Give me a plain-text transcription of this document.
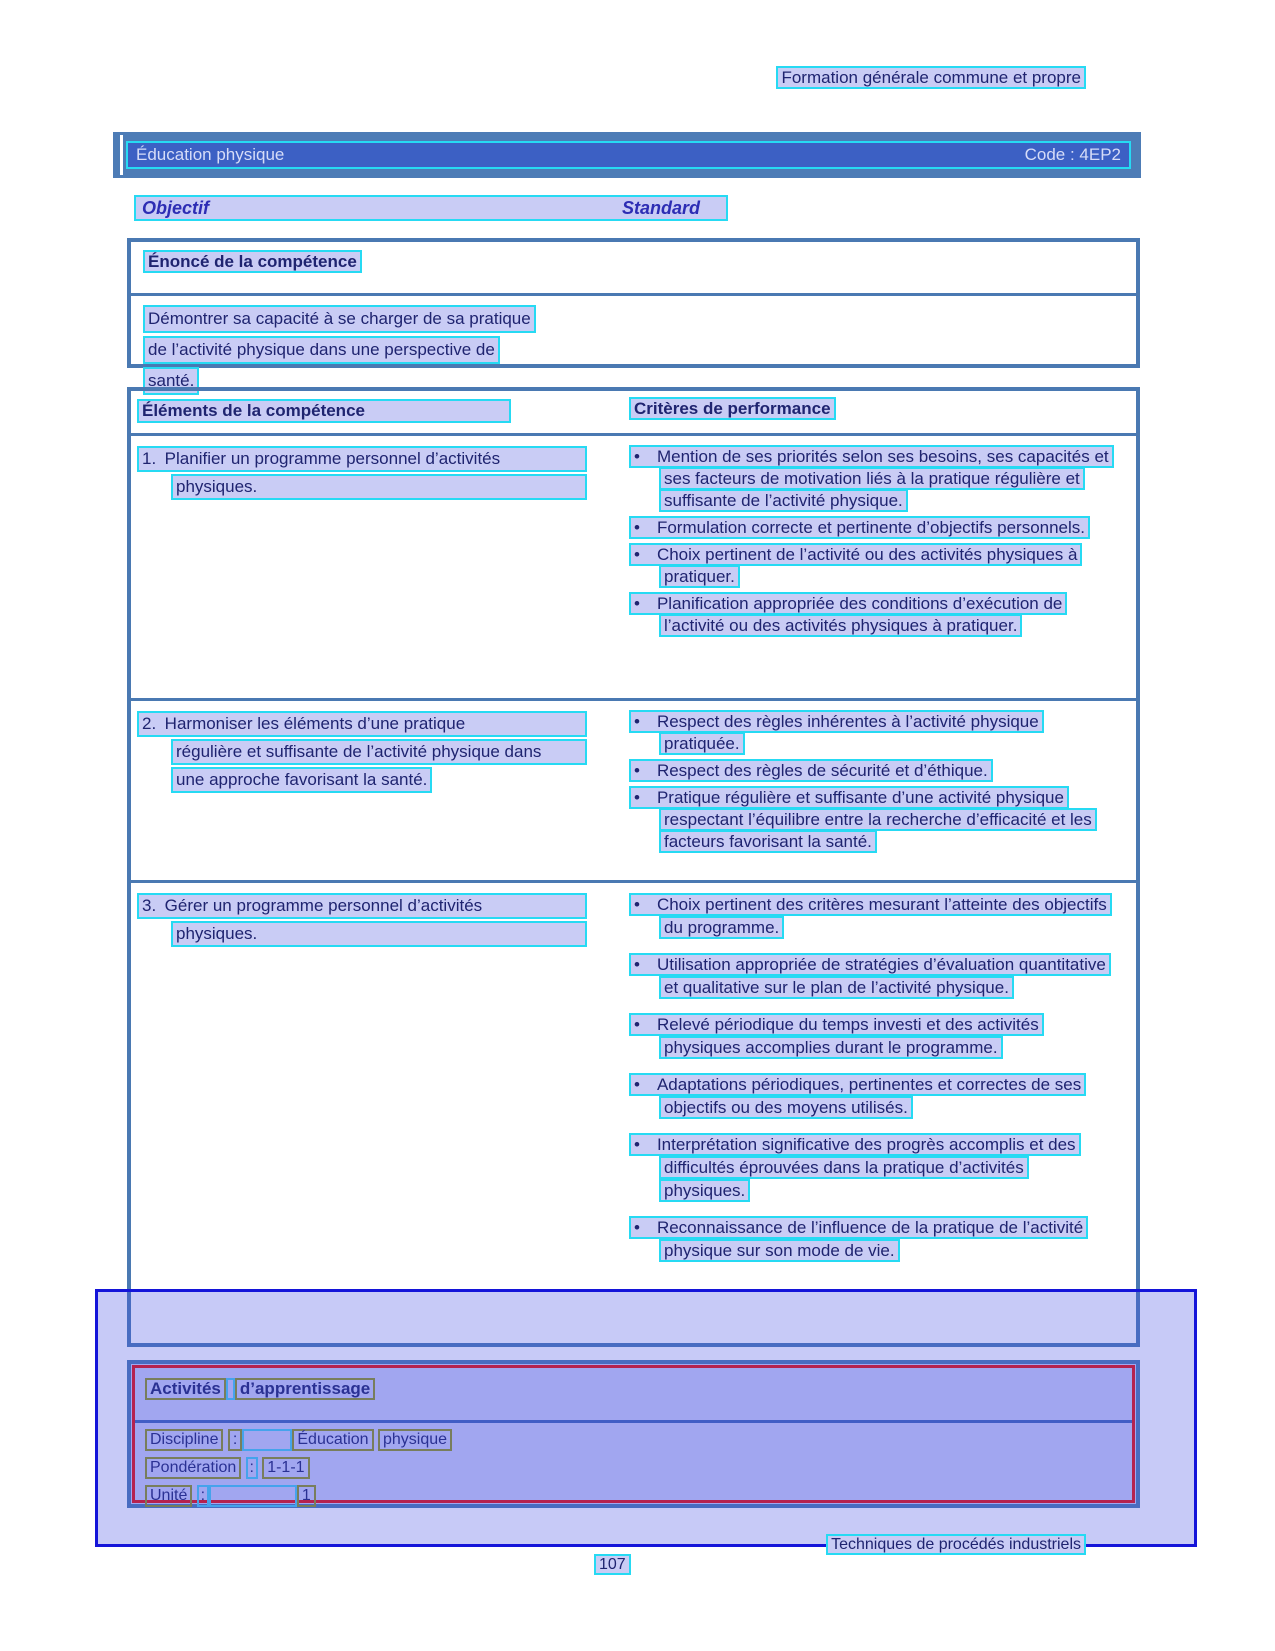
Formation générale commune et propre
Éducation physique	Code : 4EP2
Objectif	Standard
Énoncé de la compétence
Démontrer sa capacité à se charger de sa pratique
de l’activité physique dans une perspective de
santé.
Éléments de la compétence	Critères de performance
1. Planifier un programme personnel d’activités
physiques.
•  Mention de ses priorités selon ses besoins, ses capacités et ses facteurs de motivation liés à la pratique régulière et suffisante de l’activité physique.
•  Formulation correcte et pertinente d’objectifs personnels.
•  Choix pertinent de l’activité ou des activités physiques à pratiquer.
•  Planification appropriée des conditions d’exécution de l’activité ou des activités physiques à pratiquer.
2. Harmoniser les éléments d’une pratique
régulière et suffisante de l’activité physique dans
une approche favorisant la santé.
•  Respect des règles inhérentes à l’activité physique pratiquée.
•  Respect des règles de sécurité et d’éthique.
•  Pratique régulière et suffisante d’une activité physique respectant l’équilibre entre la recherche d’efficacité et les facteurs favorisant la santé.
3. Gérer un programme personnel d’activités
physiques.
•  Choix pertinent des critères mesurant l’atteinte des objectifs du programme.
•  Utilisation appropriée de stratégies d’évaluation quantitative et qualitative sur le plan de l’activité physique.
•  Relevé périodique du temps investi et des activités physiques accomplies durant le programme.
•  Adaptations périodiques, pertinentes et correctes de ses objectifs ou des moyens utilisés.
•  Interprétation significative des progrès accomplis et des difficultés éprouvées dans la pratique d’activités physiques.
•  Reconnaissance de l’influence de la pratique de l’activité physique sur son mode de vie.
Activités d’apprentissage
Discipline :	Éducation physique
Pondération : 1-1-1
Unité :	1
Techniques de procédés industriels
107
